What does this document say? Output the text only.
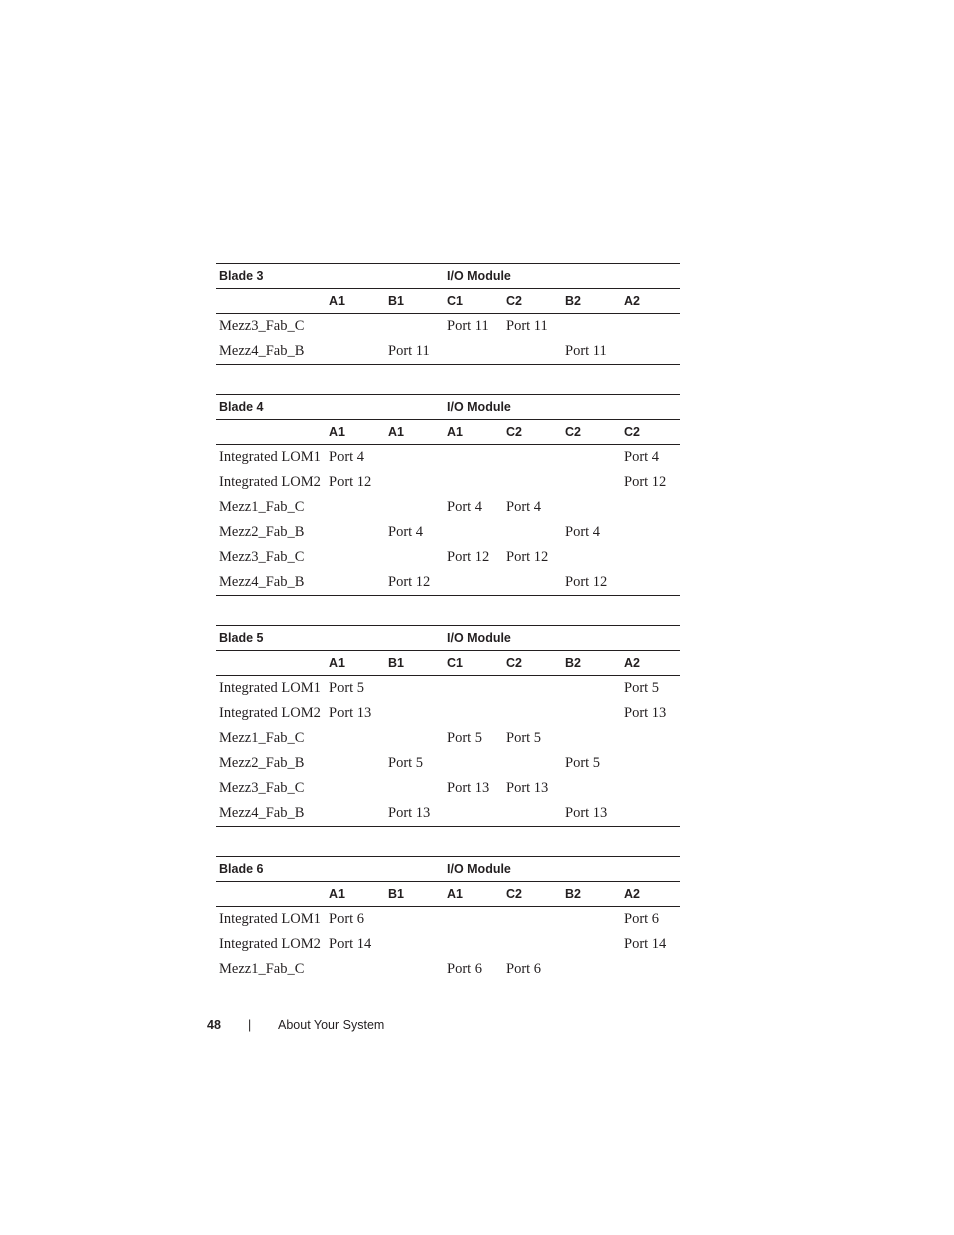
Blade 3			I/O Module			
	A1	B1	C1	C2	B2	A2
Mezz3_Fab_C			Port 11	Port 11		
Mezz4_Fab_B		Port 11			Port 11	
Blade 4			I/O Module			
	A1	A1	A1	C2	C2	C2
Integrated LOM1	Port 4					Port 4
Integrated LOM2	Port 12					Port 12
Mezz1_Fab_C			Port 4	Port 4		
Mezz2_Fab_B		Port 4			Port 4	
Mezz3_Fab_C			Port 12	Port 12		
Mezz4_Fab_B		Port 12			Port 12	
Blade 5			I/O Module			
	A1	B1	C1	C2	B2	A2
Integrated LOM1	Port 5					Port 5
Integrated LOM2	Port 13					Port 13
Mezz1_Fab_C			Port 5	Port 5		
Mezz2_Fab_B		Port 5			Port 5	
Mezz3_Fab_C			Port 13	Port 13		
Mezz4_Fab_B		Port 13			Port 13	
Blade 6			I/O Module			
	A1	B1	A1	C2	B2	A2
Integrated LOM1	Port 6					Port 6
Integrated LOM2	Port 14					Port 14
Mezz1_Fab_C			Port 6	Port 6		
48 | About Your System
